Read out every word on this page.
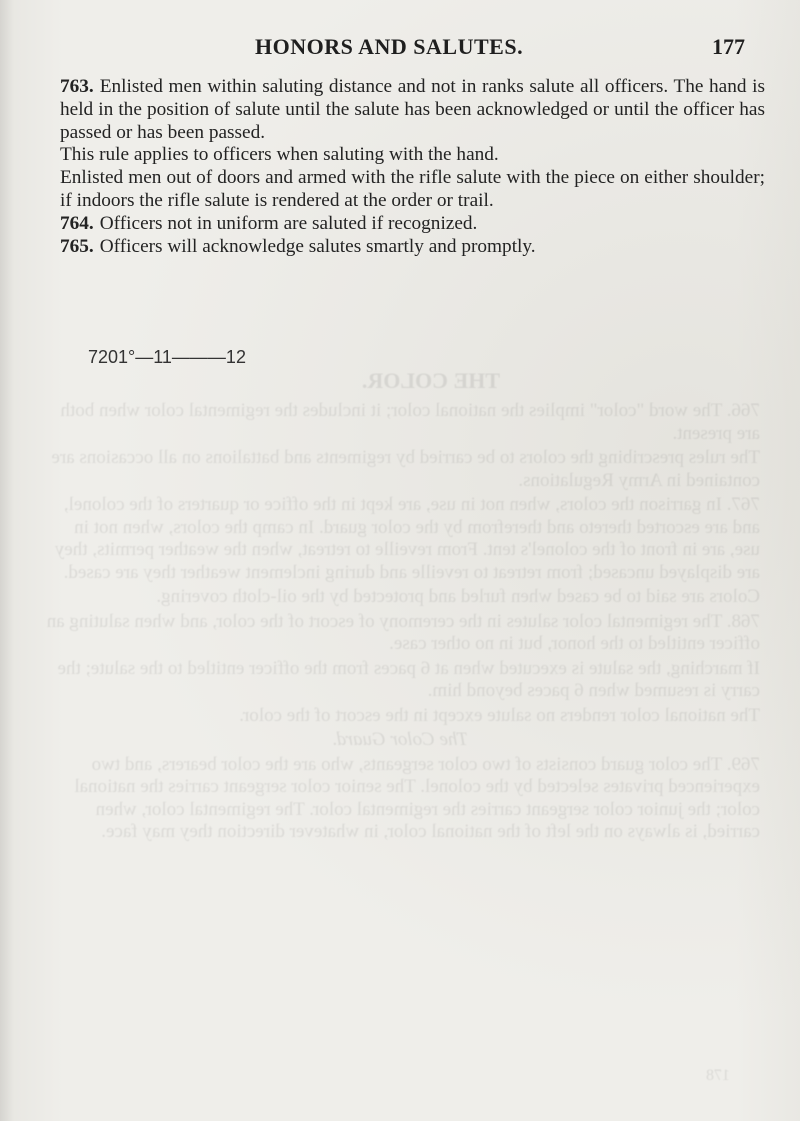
THE COLOR.

766. The word "color" implies the national color; it includes the regimental color when both are present.

The rules prescribing the colors to be carried by regiments and battalions on all occasions are contained in Army Regulations.

767. In garrison the colors, when not in use, are kept in the office or quarters of the colonel, and are escorted thereto and therefrom by the color guard. In camp the colors, when not in use, are in front of the colonel's tent. From reveille to retreat, when the weather permits, they are displayed uncased; from retreat to reveille and during inclement weather they are cased.

Colors are said to be cased when furled and protected by the oil-cloth covering.

768. The regimental color salutes in the ceremony of escort of the color, and when saluting an officer entitled to the honor, but in no other case.

If marching, the salute is executed when at 6 paces from the officer entitled to the salute; the carry is resumed when 6 paces beyond him.

The national color renders no salute except in the escort of the color.

The Color Guard.

769. The color guard consists of two color sergeants, who are the color bearers, and two experienced privates selected by the colonel. The senior color sergeant carries the national color; the junior color sergeant carries the regimental color. The regimental color, when carried, is always on the left of the national color, in whatever direction they may face.

178
HONORS AND SALUTES.	177

763. Enlisted men within saluting distance and not in ranks salute all officers. The hand is held in the position of salute until the salute has been acknowledged or until the officer has passed or has been passed.

This rule applies to officers when saluting with the hand.

Enlisted men out of doors and armed with the rifle salute with the piece on either shoulder; if indoors the rifle salute is rendered at the order or trail.

764. Officers not in uniform are saluted if recognized.

765. Officers will acknowledge salutes smartly and promptly.

7201°—11———12
